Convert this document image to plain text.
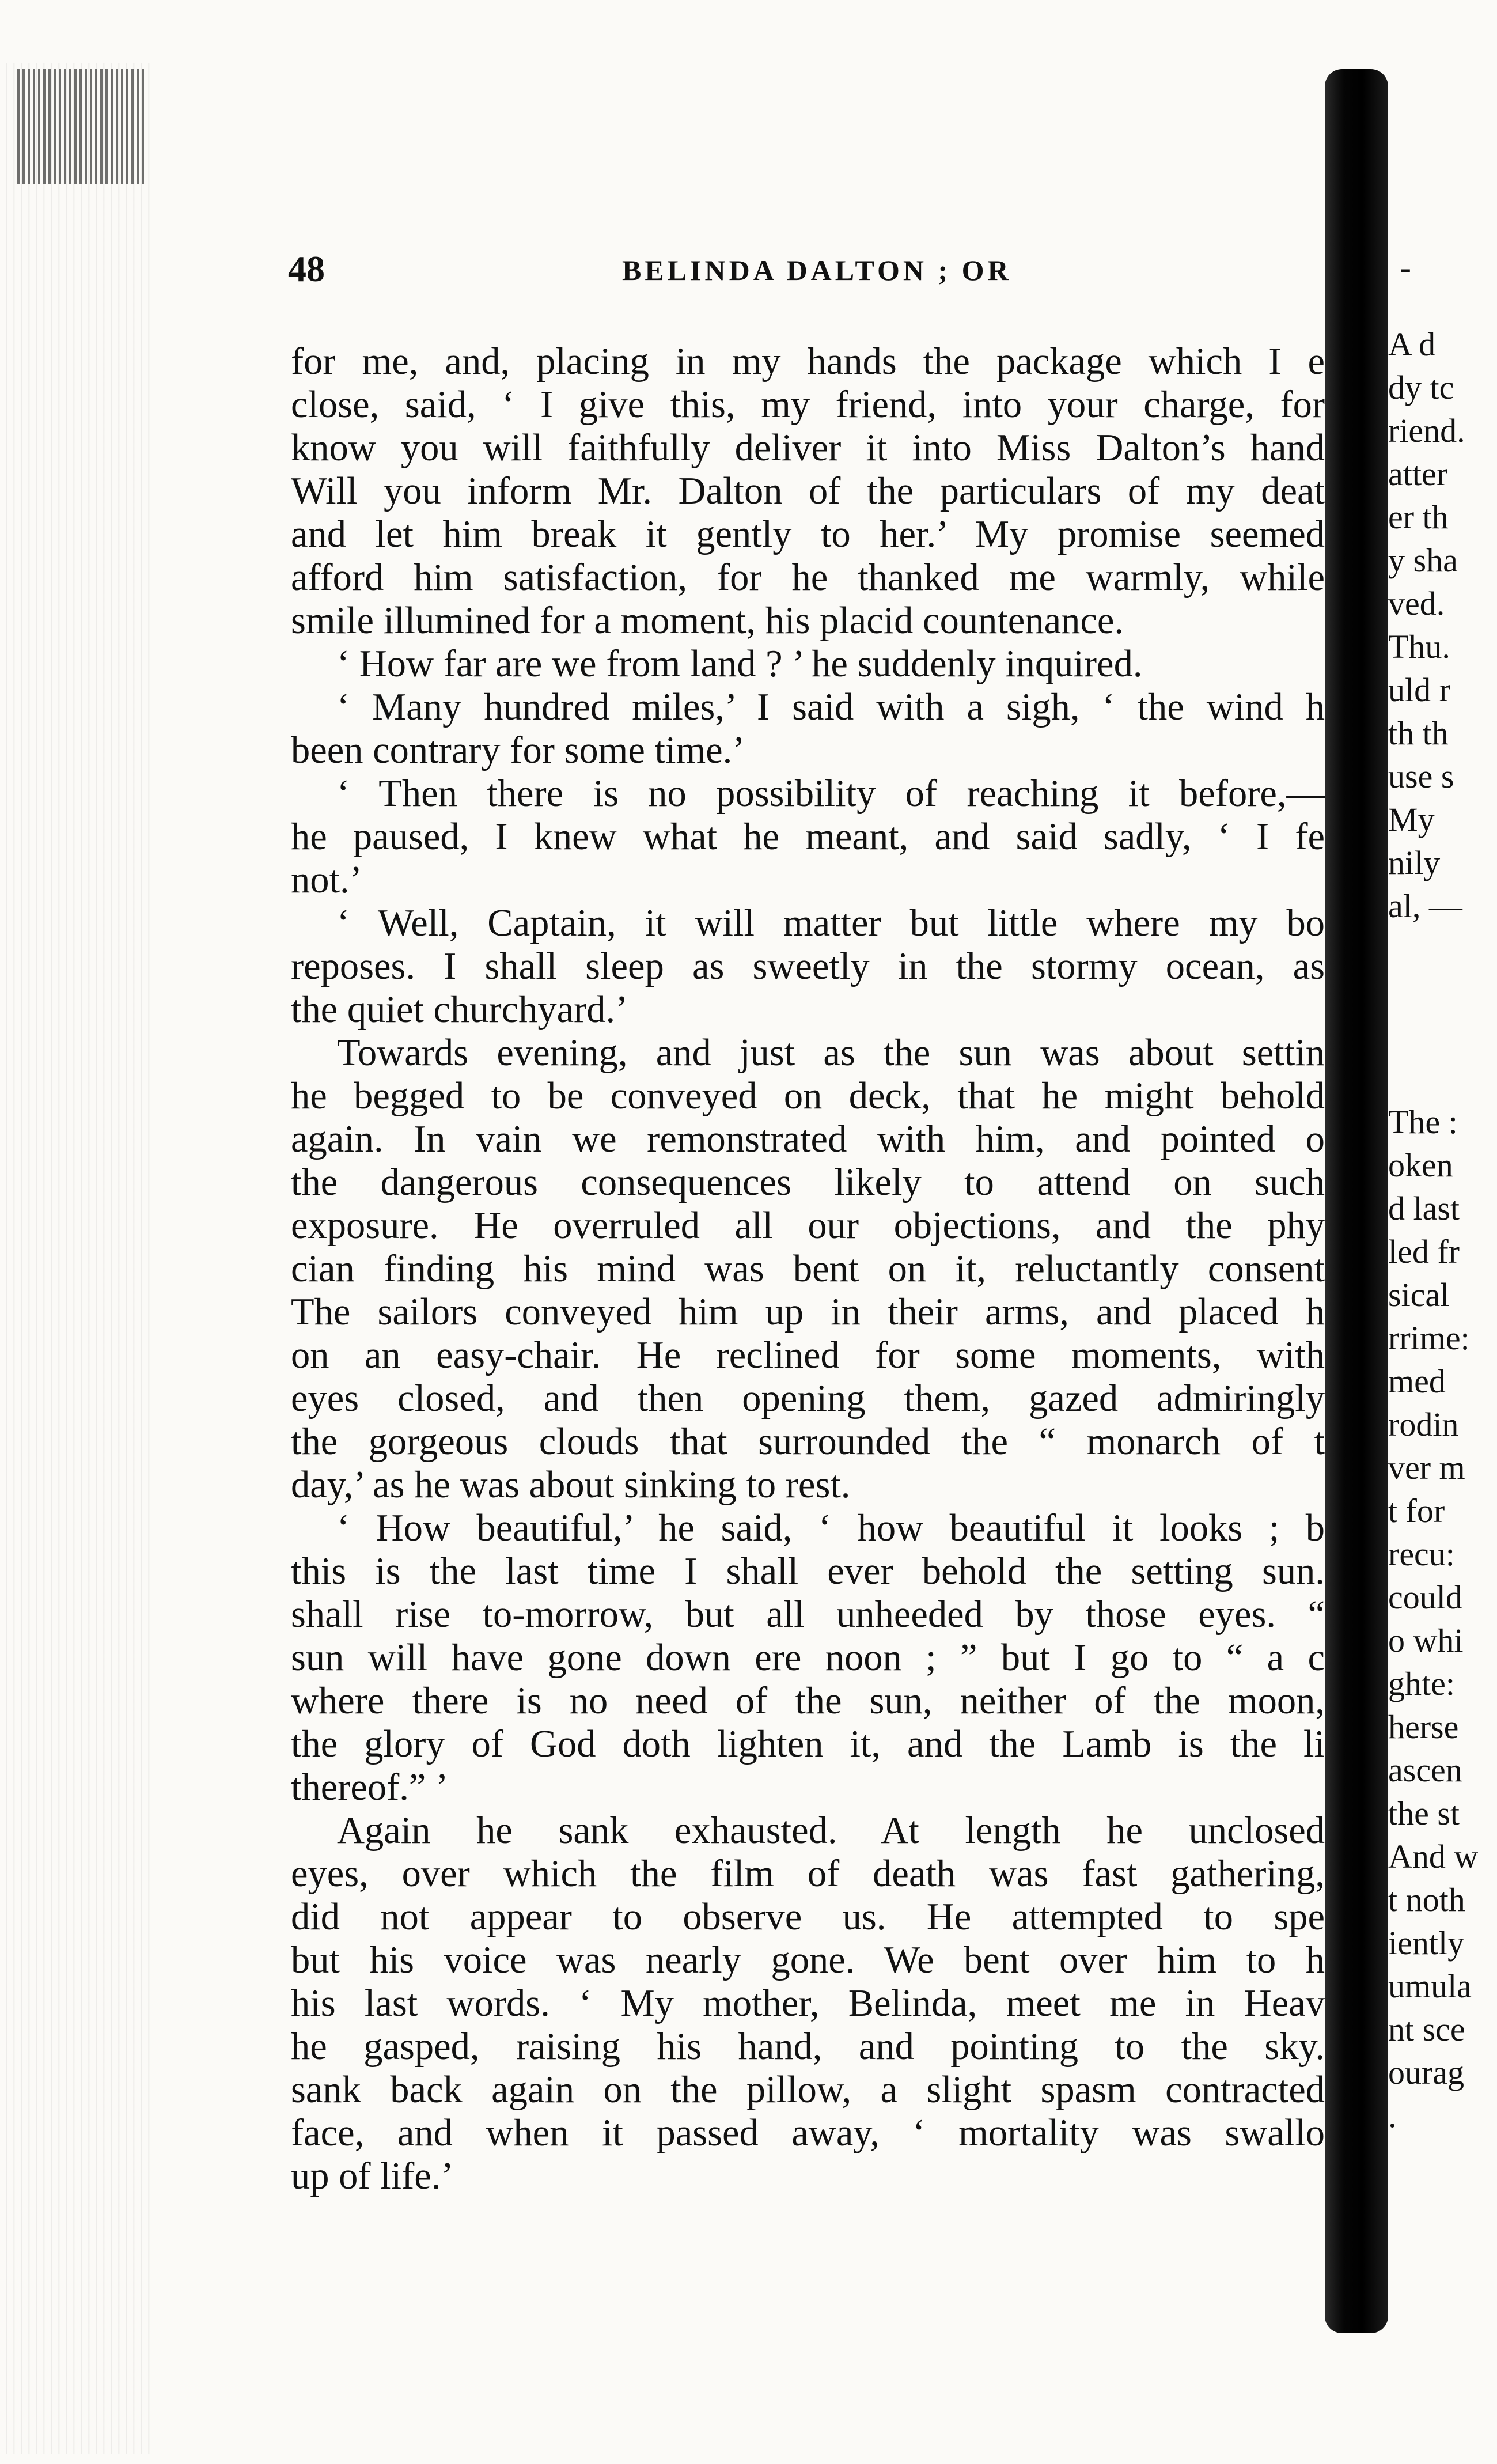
48	BELINDA DALTON ; OR	-
for me, and, placing in my hands the package which I e
close, said, ‘ I give this, my friend, into your charge, for
know you will faithfully deliver it into Miss Dalton’s hand
Will you inform Mr. Dalton of the particulars of my deat
and let him break it gently to her.’ My promise seemed
afford him satisfaction, for he thanked me warmly, while
smile illumined for a moment, his placid countenance.
‘ How far are we from land ? ’ he suddenly inquired.
‘ Many hundred miles,’ I said with a sigh, ‘ the wind h
been contrary for some time.’
‘ Then there is no possibility of reaching it before,—
he paused, I knew what he meant, and said sadly, ‘ I fe
not.’
‘ Well, Captain, it will matter but little where my bo
reposes. I shall sleep as sweetly in the stormy ocean, as
the quiet churchyard.’
Towards evening, and just as the sun was about settin
he begged to be conveyed on deck, that he might behold
again. In vain we remonstrated with him, and pointed o
the dangerous consequences likely to attend on such
exposure. He overruled all our objections, and the phy
cian finding his mind was bent on it, reluctantly consent
The sailors conveyed him up in their arms, and placed h
on an easy-chair. He reclined for some moments, with
eyes closed, and then opening them, gazed admiringly
the gorgeous clouds that surrounded the “ monarch of t
day,’ as he was about sinking to rest.
‘ How beautiful,’ he said, ‘ how beautiful it looks ; b
this is the last time I shall ever behold the setting sun.
shall rise to-morrow, but all unheeded by those eyes. “
sun will have gone down ere noon ; ” but I go to “ a c
where there is no need of the sun, neither of the moon,
the glory of God doth lighten it, and the Lamb is the li
thereof.” ’
Again he sank exhausted. At length he unclosed
eyes, over which the film of death was fast gathering,
did not appear to observe us. He attempted to spe
but his voice was nearly gone. We bent over him to h
his last words. ‘ My mother, Belinda, meet me in Heav
he gasped, raising his hand, and pointing to the sky.
sank back again on the pillow, a slight spasm contracted
face, and when it passed away, ‘ mortality was swallo
up of life.’
A d
dy tc
riend.
atter
er th
y sha
ved.
Thu.
uld r
th th
use s
My
nily
al, —
The :
oken
d last
led fr
sical
rrime:
med
rodin
ver m
t for
recu:
could
o whi
ghte:
herse
ascen
the st
And w
t noth
iently
umula
nt sce
ourag
.
